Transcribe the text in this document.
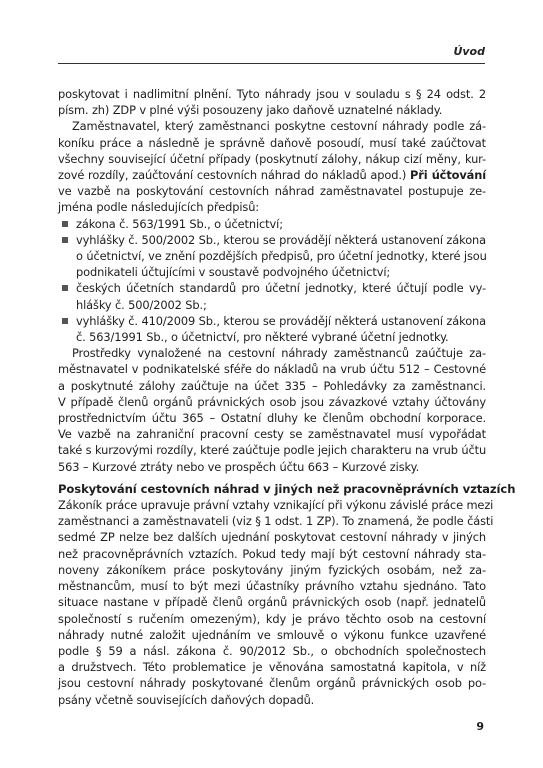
Úvod
poskytovat i nadlimitní plnění. Tyto náhrady jsou v souladu s § 24 odst. 2
písm. zh) ZDP v plné výši posouzeny jako daňově uznatelné náklady.
Zaměstnavatel, který zaměstnanci poskytne cestovní náhrady podle zá-
koníku práce a následně je správně daňově posoudí, musí také zaúčtovat
všechny související účetní případy (poskytnutí zálohy, nákup cizí měny, kur-
zové rozdíly, zaúčtování cestovních náhrad do nákladů apod.) Při účtování
ve vazbě na poskytování cestovních náhrad zaměstnavatel postupuje ze-
jména podle následujících předpisů:
zákona č. 563/1991 Sb., o účetnictví;
vyhlášky č. 500/2002 Sb., kterou se provádějí některá ustanovení zákona
o účetnictví, ve znění pozdějších předpisů, pro účetní jednotky, které jsou
podnikateli účtujícími v soustavě podvojného účetnictví;
českých účetních standardů pro účetní jednotky, které účtují podle vy-
hlášky č. 500/2002 Sb.;
vyhlášky č. 410/2009 Sb., kterou se provádějí některá ustanovení zákona
č. 563/1991 Sb., o účetnictví, pro některé vybrané účetní jednotky.
Prostředky vynaložené na cestovní náhrady zaměstnanců zaúčtuje za-
městnavatel v podnikatelské sféře do nákladů na vrub účtu 512 – Cestovné
a poskytnuté zálohy zaúčtuje na účet 335 – Pohledávky za zaměstnanci.
V případě členů orgánů právnických osob jsou závazkové vztahy účtovány
prostřednictvím účtu 365 – Ostatní dluhy ke členům obchodní korporace.
Ve vazbě na zahraniční pracovní cesty se zaměstnavatel musí vypořádat
také s kurzovými rozdíly, které zaúčtuje podle jejich charakteru na vrub účtu
563 – Kurzové ztráty nebo ve prospěch účtu 663 – Kurzové zisky.
Poskytování cestovních náhrad v jiných než pracovněprávních vztazích
Zákoník práce upravuje právní vztahy vznikající při výkonu závislé práce mezi
zaměstnanci a zaměstnavateli (viz § 1 odst. 1 ZP). To znamená, že podle části
sedmé ZP nelze bez dalších ujednání poskytovat cestovní náhrady v jiných
než pracovněprávních vztazích. Pokud tedy mají být cestovní náhrady sta-
noveny zákoníkem práce poskytovány jiným fyzických osobám, než za-
městnancům, musí to být mezi účastníky právního vztahu sjednáno. Tato
situace nastane v případě členů orgánů právnických osob (např. jednatelů
společností s ručením omezeným), kdy je právo těchto osob na cestovní
náhrady nutné založit ujednáním ve smlouvě o výkonu funkce uzavřené
podle § 59 a násl. zákona č. 90/2012 Sb., o obchodních společnostech
a družstvech. Této problematice je věnována samostatná kapitola, v níž
jsou cestovní náhrady poskytované členům orgánů právnických osob po-
psány včetně souvisejících daňových dopadů.
9
